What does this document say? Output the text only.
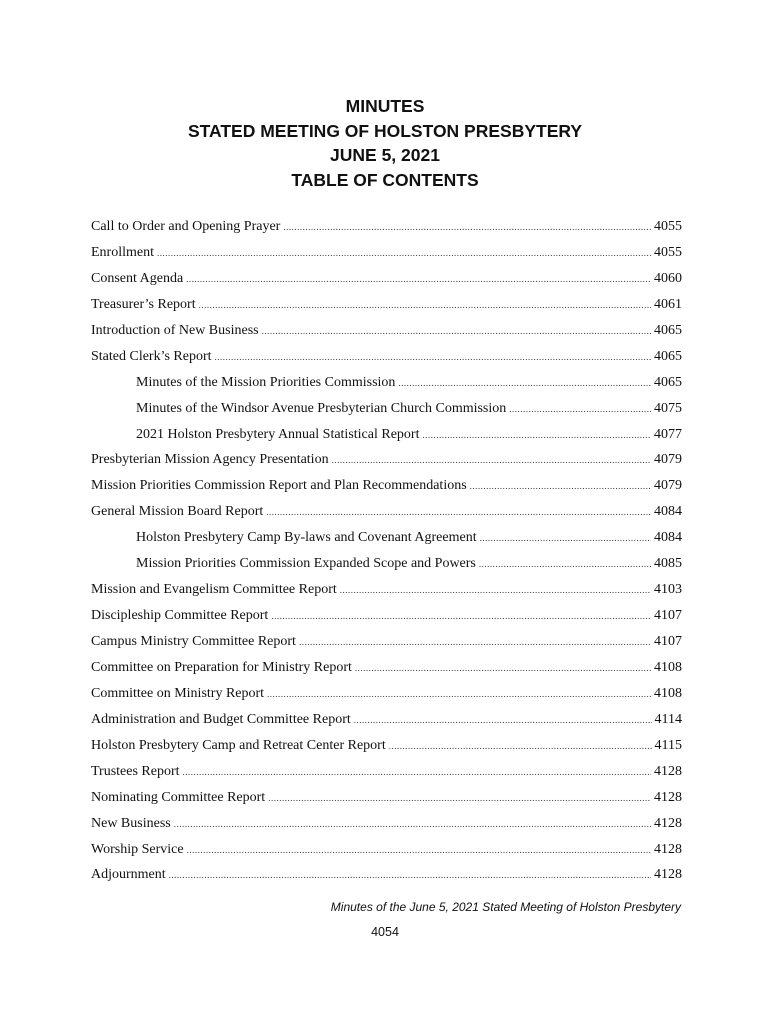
MINUTES
STATED MEETING OF HOLSTON PRESBYTERY
JUNE 5, 2021
TABLE OF CONTENTS
Call to Order and Opening Prayer .....	4055
Enrollment .....	4055
Consent Agenda .....	4060
Treasurer’s Report .....	4061
Introduction of New Business .....	4065
Stated Clerk’s Report .....	4065
Minutes of the Mission Priorities Commission .....	4065
Minutes of the Windsor Avenue Presbyterian Church Commission .....	4075
2021 Holston Presbytery Annual Statistical Report .....	4077
Presbyterian Mission Agency Presentation .....	4079
Mission Priorities Commission Report and Plan Recommendations .....	4079
General Mission Board Report .....	4084
Holston Presbytery Camp By-laws and Covenant Agreement .....	4084
Mission Priorities Commission Expanded Scope and Powers .....	4085
Mission and Evangelism Committee Report .....	4103
Discipleship Committee Report .....	4107
Campus Ministry Committee Report .....	4107
Committee on Preparation for Ministry Report .....	4108
Committee on Ministry Report .....	4108
Administration and Budget Committee Report .....	4114
Holston Presbytery Camp and Retreat Center Report .....	4115
Trustees Report .....	4128
Nominating Committee Report .....	4128
New Business .....	4128
Worship Service .....	4128
Adjournment .....	4128
Minutes of the June 5, 2021 Stated Meeting of Holston Presbytery
4054
